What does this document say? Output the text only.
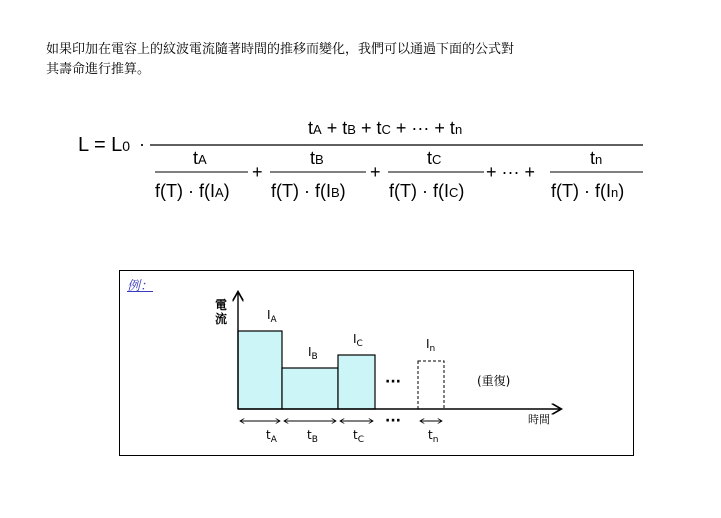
如果印加在電容上的紋波電流隨著時間的推移而變化，我們可以通過下面的公式對
其壽命進行推算。
L = L0 ·
tA + tB + tC + ··· + tn
tA
f(T) · f(IA)
+
tB
f(T) · f(IB)
+
tC
f(T) · f(IC)
+ ··· +
tn
f(T) · f(In)
例：
電
流	$I_A$
$I_B$
$I_C$	$I_n$
···	(重復)
時間
···
$t_A$	$t_B$	$t_C$	$t_n$
